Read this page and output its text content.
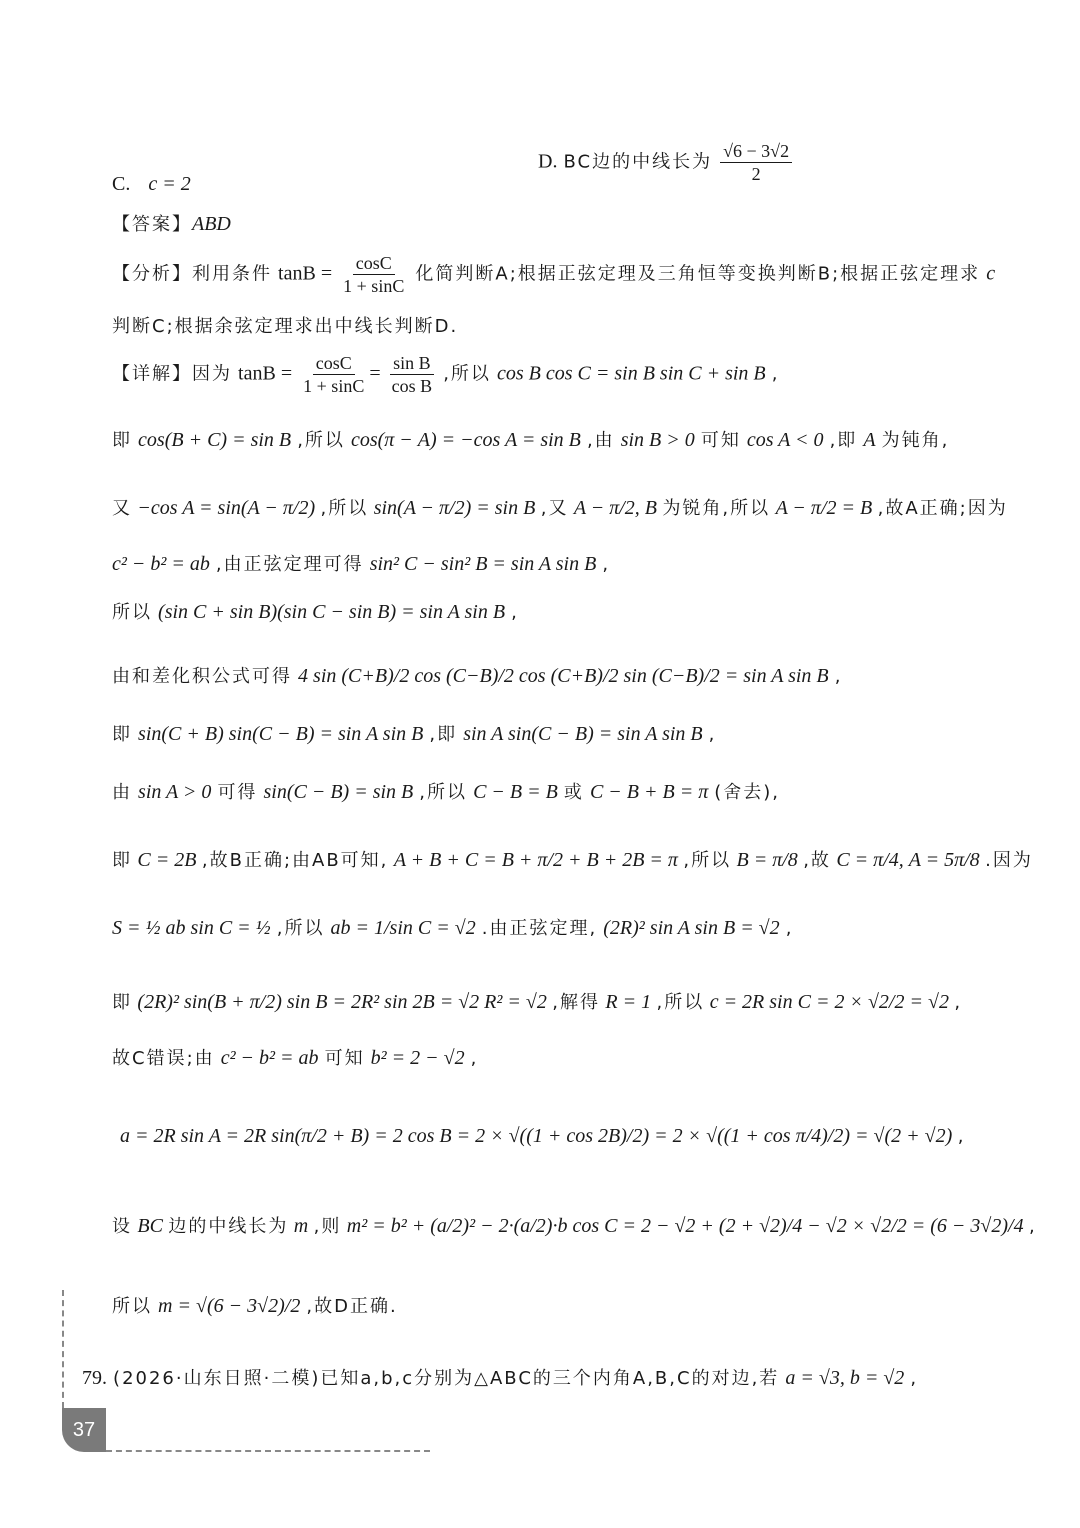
C. c = 2
D. BC边的中线长为 $\frac{√6 - 3√2}{2}$
【答案】ABD
【分析】利用条件 $\tan B = \frac{\cos C}{1 + \sin C}$ 化简判断A;根据正弦定理及三角恒等变换判断B;根据正弦定理求 c
判断C;根据余弦定理求出中线长判断D.
【详解】因为 $\tan B = \frac{\cos C}{1 + \sin C} = \frac{\text{sin B}}{\text{cos B}}$ ,所以 cos B cos C = sin B sin C + sin B ,
即 cos(B + C) = sin B ,所以 cos(π − A) = −cos A = sin B ,由 sin B > 0 可知 cos A < 0 ,即 A 为钝角,
又 −cos A = sin(A − π/2) ,所以 sin(A − π/2) = sin B ,又 A − π/2, B 为锐角,所以 A − π/2 = B ,故A正确;因为
c² − b² = ab ,由正弦定理可得 sin² C − sin² B = sin A sin B ,
所以 (sin C + sin B)(sin C − sin B) = sin A sin B ,
由和差化积公式可得 4 sin (C+B)/2 cos (C−B)/2 cos (C+B)/2 sin (C−B)/2 = sin A sin B ,
即 sin(C + B) sin(C − B) = sin A sin B ,即 sin A sin(C − B) = sin A sin B ,
由 sin A > 0 可得 sin(C − B) = sin B ,所以 C − B = B 或 C − B + B = π (舍去),
即 C = 2B ,故B正确;由AB可知, A + B + C = B + π/2 + B + 2B = π ,所以 B = π/8 ,故 C = π/4, A = 5π/8 .因为
S = ½ ab sin C = ½ ,所以 ab = 1/sin C = √2 .由正弦定理, (2R)² sin A sin B = √2 ,
即 (2R)² sin(B + π/2) sin B = 2R² sin 2B = √2 R² = √2 ,解得 R = 1 ,所以 c = 2R sin C = 2 × √2/2 = √2 ,
故C错误;由 c² − b² = ab 可知 b² = 2 − √2 ,
a = 2R sin A = 2R sin(π/2 + B) = 2 cos B = 2 × √((1 + cos 2B)/2) = 2 × √((1 + cos π/4)/2) = √(2 + √2) ,
设 BC 边的中线长为 m ,则 m² = b² + (a/2)² − 2·(a/2)·b cos C = 2 − √2 + (2 + √2)/4 − √2 × √2/2 = (6 − 3√2)/4 ,
所以 m = √(6 − 3√2)/2 ,故D正确.
79. (2026·山东日照·二模)已知a,b,c分别为△ABC的三个内角A,B,C的对边,若 a = √3, b = √2 ,
37
